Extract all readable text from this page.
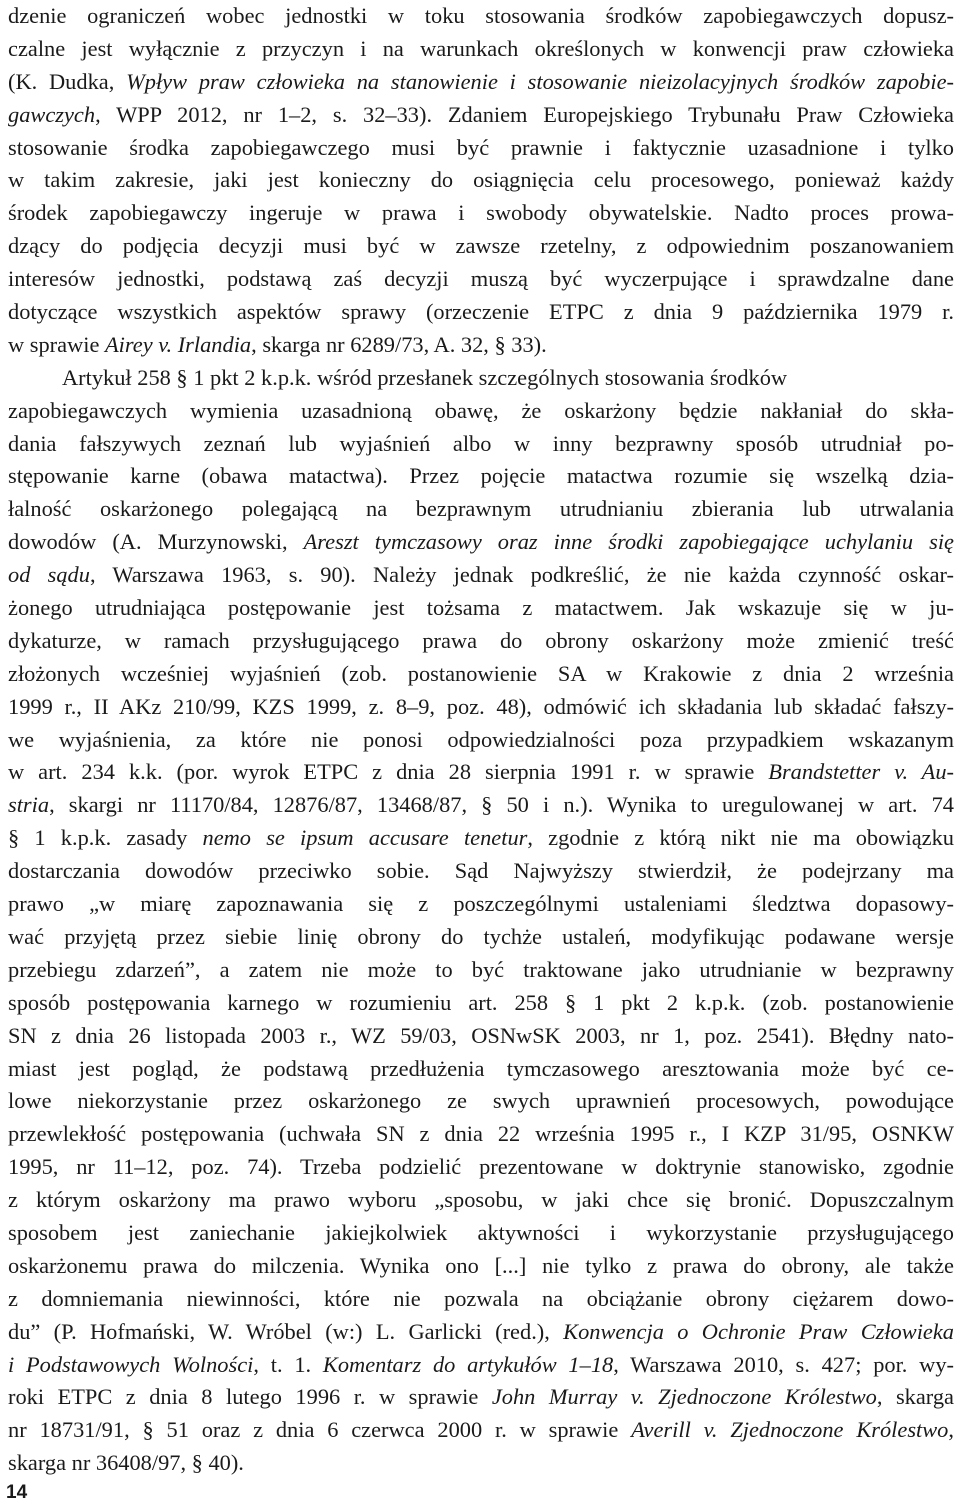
dzenie ograniczeń wobec jednostki w toku stosowania środków zapobiegawczych dopusz-
czalne jest wyłącznie z przyczyn i na warunkach określonych w konwencji praw człowieka
(K. Dudka, Wpływ praw człowieka na stanowienie i stosowanie nieizolacyjnych środków zapobie-
gawczych, WPP 2012, nr 1–2, s. 32–33). Zdaniem Europejskiego Trybunału Praw Człowieka
stosowanie środka zapobiegawczego musi być prawnie i faktycznie uzasadnione i tylko
w takim zakresie, jaki jest konieczny do osiągnięcia celu procesowego, ponieważ każdy
środek zapobiegawczy ingeruje w prawa i swobody obywatelskie. Nadto proces prowa-
dzący do podjęcia decyzji musi być w zawsze rzetelny, z odpowiednim poszanowaniem
interesów jednostki, podstawą zaś decyzji muszą być wyczerpujące i sprawdzalne dane
dotyczące wszystkich aspektów sprawy (orzeczenie ETPC z dnia 9 października 1979 r.
w sprawie Airey v. Irlandia, skarga nr 6289/73, A. 32, § 33).
Artykuł 258 § 1 pkt 2 k.p.k. wśród przesłanek szczególnych stosowania środków
zapobiegawczych wymienia uzasadnioną obawę, że oskarżony będzie nakłaniał do skła-
dania fałszywych zeznań lub wyjaśnień albo w inny bezprawny sposób utrudniał po-
stępowanie karne (obawa matactwa). Przez pojęcie matactwa rozumie się wszelką dzia-
łalność oskarżonego polegającą na bezprawnym utrudnianiu zbierania lub utrwalania
dowodów (A. Murzynowski, Areszt tymczasowy oraz inne środki zapobiegające uchylaniu się
od sądu, Warszawa 1963, s. 90). Należy jednak podkreślić, że nie każda czynność oskar-
żonego utrudniająca postępowanie jest tożsama z matactwem. Jak wskazuje się w ju-
dykaturze, w ramach przysługującego prawa do obrony oskarżony może zmienić treść
złożonych wcześniej wyjaśnień (zob. postanowienie SA w Krakowie z dnia 2 września
1999 r., II AKz 210/99, KZS 1999, z. 8–9, poz. 48), odmówić ich składania lub składać fałszy-
we wyjaśnienia, za które nie ponosi odpowiedzialności poza przypadkiem wskazanym
w art. 234 k.k. (por. wyrok ETPC z dnia 28 sierpnia 1991 r. w sprawie Brandstetter v. Au-
stria, skargi nr 11170/84, 12876/87, 13468/87, § 50 i n.). Wynika to uregulowanej w art. 74
§ 1 k.p.k. zasady nemo se ipsum accusare tenetur, zgodnie z którą nikt nie ma obowiązku
dostarczania dowodów przeciwko sobie. Sąd Najwyższy stwierdził, że podejrzany ma
prawo „w miarę zapoznawania się z poszczególnymi ustaleniami śledztwa dopasowy-
wać przyjętą przez siebie linię obrony do tychże ustaleń, modyfikując podawane wersje
przebiegu zdarzeń”, a zatem nie może to być traktowane jako utrudnianie w bezprawny
sposób postępowania karnego w rozumieniu art. 258 § 1 pkt 2 k.p.k. (zob. postanowienie
SN z dnia 26 listopada 2003 r., WZ 59/03, OSNwSK 2003, nr 1, poz. 2541). Błędny nato-
miast jest pogląd, że podstawą przedłużenia tymczasowego aresztowania może być ce-
lowe niekorzystanie przez oskarżonego ze swych uprawnień procesowych, powodujące
przewlekłość postępowania (uchwała SN z dnia 22 września 1995 r., I KZP 31/95, OSNKW
1995, nr 11–12, poz. 74). Trzeba podzielić prezentowane w doktrynie stanowisko, zgodnie
z którym oskarżony ma prawo wyboru „sposobu, w jaki chce się bronić. Dopuszczalnym
sposobem jest zaniechanie jakiejkolwiek aktywności i wykorzystanie przysługującego
oskarżonemu prawa do milczenia. Wynika ono [...] nie tylko z prawa do obrony, ale także
z domniemania niewinności, które nie pozwala na obciążanie obrony ciężarem dowo-
du” (P. Hofmański, W. Wróbel (w:) L. Garlicki (red.), Konwencja o Ochronie Praw Człowieka
i Podstawowych Wolności, t. 1. Komentarz do artykułów 1–18, Warszawa 2010, s. 427; por. wy-
roki ETPC z dnia 8 lutego 1996 r. w sprawie John Murray v. Zjednoczone Królestwo, skarga
nr 18731/91, § 51 oraz z dnia 6 czerwca 2000 r. w sprawie Averill v. Zjednoczone Królestwo,
skarga nr 36408/97, § 40).
14
